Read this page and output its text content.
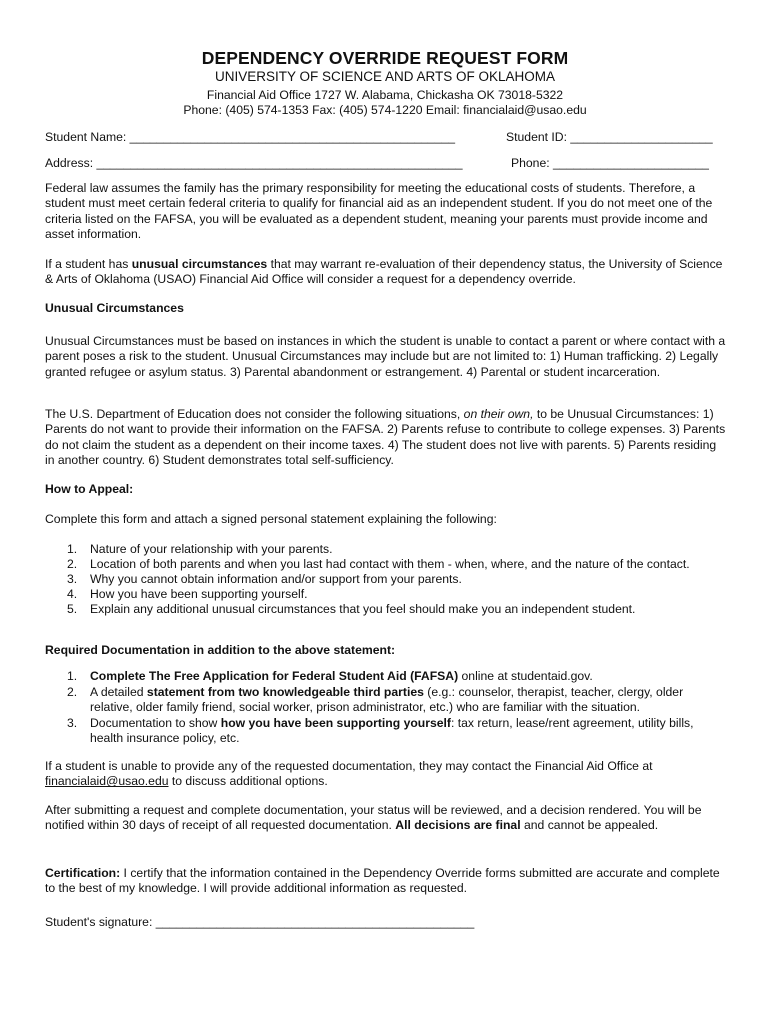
DEPENDENCY OVERRIDE REQUEST FORM
UNIVERSITY OF SCIENCE AND ARTS OF OKLAHOMA
Financial Aid Office 1727 W. Alabama, Chickasha OK 73018-5322
Phone: (405) 574-1353 Fax: (405) 574-1220 Email: financialaid@usao.edu
Student Name: ________________________________________________	Student ID: _____________________
Address: ______________________________________________________	Phone: _______________________

Federal law assumes the family has the primary responsibility for meeting the educational costs of students. Therefore, a student must meet certain federal criteria to qualify for financial aid as an independent student. If you do not meet one of the criteria listed on the FAFSA, you will be evaluated as a dependent student, meaning your parents must provide income and asset information.

If a student has unusual circumstances that may warrant re-evaluation of their dependency status, the University of Science & Arts of Oklahoma (USAO) Financial Aid Office will consider a request for a dependency override.

Unusual Circumstances

Unusual Circumstances must be based on instances in which the student is unable to contact a parent or where contact with a parent poses a risk to the student. Unusual Circumstances may include but are not limited to: 1) Human trafficking. 2) Legally granted refugee or asylum status. 3) Parental abandonment or estrangement. 4) Parental or student incarceration.

The U.S. Department of Education does not consider the following situations, on their own, to be Unusual Circumstances: 1) Parents do not want to provide their information on the FAFSA. 2) Parents refuse to contribute to college expenses. 3) Parents do not claim the student as a dependent on their income taxes. 4) The student does not live with parents. 5) Parents residing in another country. 6) Student demonstrates total self-sufficiency.

How to Appeal:

Complete this form and attach a signed personal statement explaining the following:

1. Nature of your relationship with your parents.
2. Location of both parents and when you last had contact with them - when, where, and the nature of the contact.
3. Why you cannot obtain information and/or support from your parents.
4. How you have been supporting yourself.
5. Explain any additional unusual circumstances that you feel should make you an independent student.

Required Documentation in addition to the above statement:

1. Complete The Free Application for Federal Student Aid (FAFSA) online at studentaid.gov.
2. A detailed statement from two knowledgeable third parties (e.g.: counselor, therapist, teacher, clergy, older relative, older family friend, social worker, prison administrator, etc.) who are familiar with the situation.
3. Documentation to show how you have been supporting yourself: tax return, lease/rent agreement, utility bills, health insurance policy, etc.

If a student is unable to provide any of the requested documentation, they may contact the Financial Aid Office at financialaid@usao.edu to discuss additional options.

After submitting a request and complete documentation, your status will be reviewed, and a decision rendered. You will be notified within 30 days of receipt of all requested documentation. All decisions are final and cannot be appealed.

Certification: I certify that the information contained in the Dependency Override forms submitted are accurate and complete to the best of my knowledge. I will provide additional information as requested.

Student's signature: _______________________________________________
